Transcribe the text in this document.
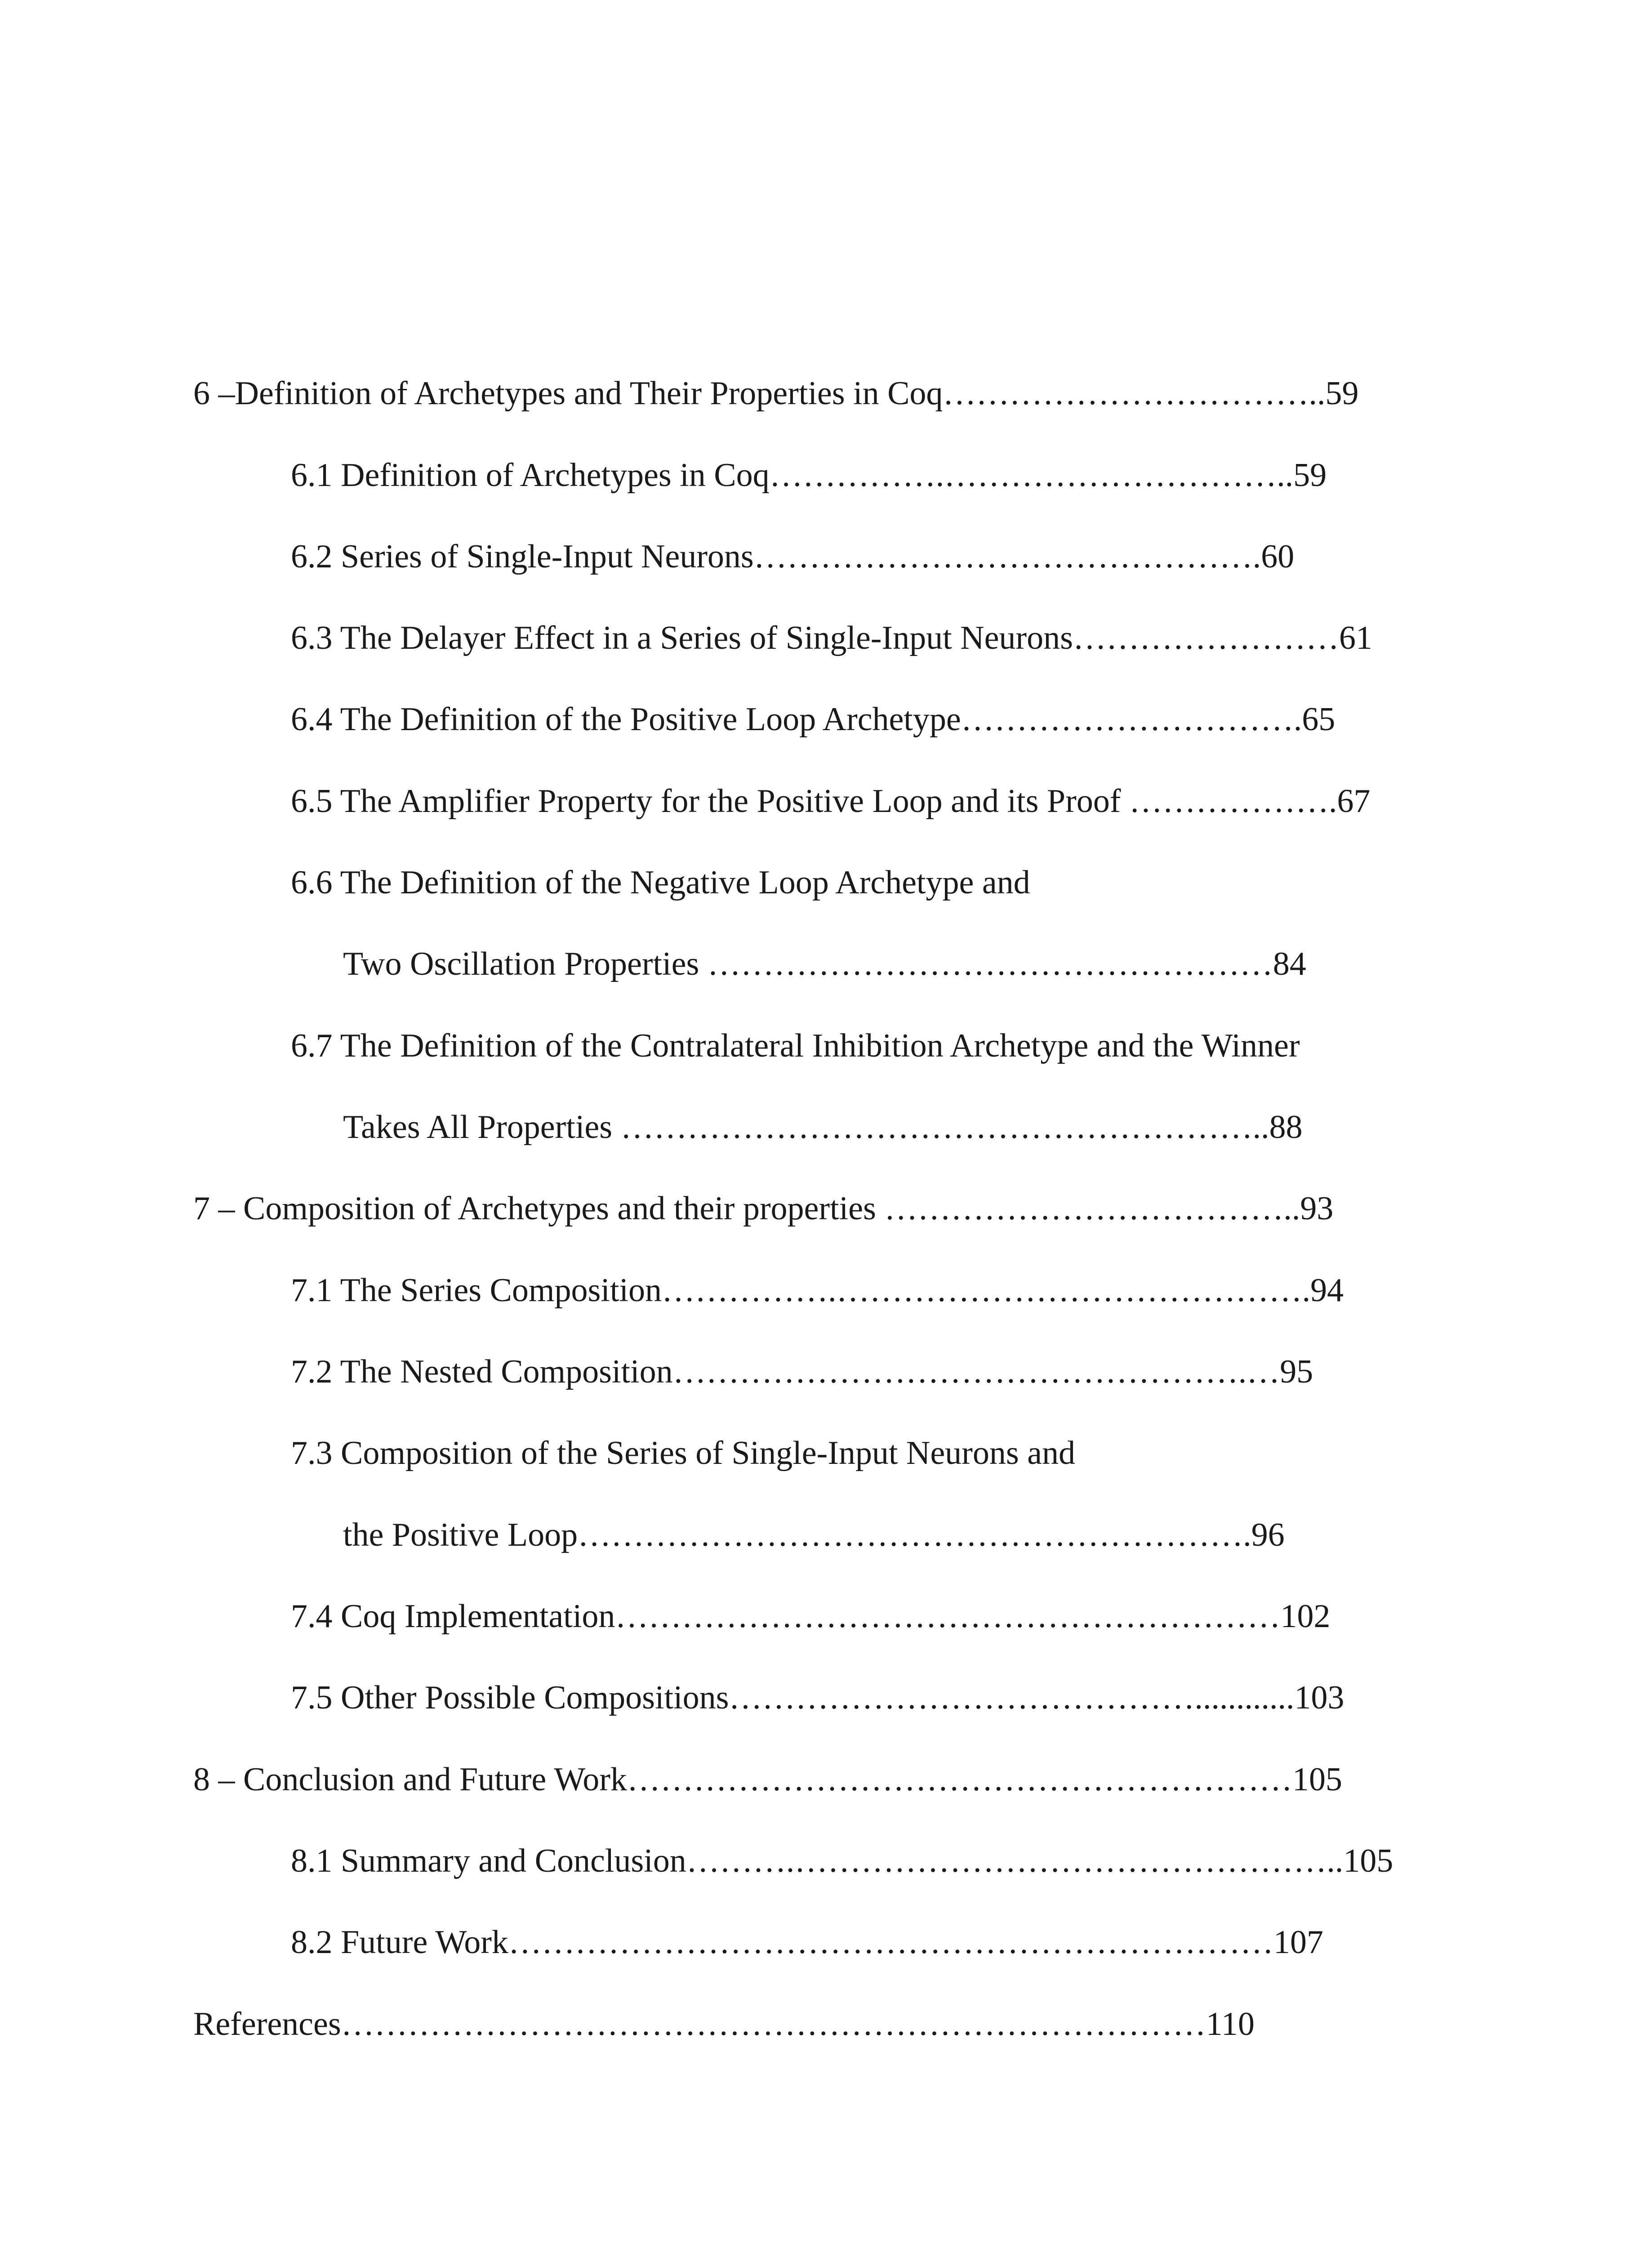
6 –Definition of Archetypes and Their Properties in Coq……………………………..59
6.1 Definition of Archetypes in Coq…………….…………………………..59
6.2 Series of Single-Input Neurons……………………………………….60
6.3 The Delayer Effect in a Series of Single-Input Neurons……………………61
6.4 The Definition of the Positive Loop Archetype………………………….65
6.5 The Amplifier Property for the Positive Loop and its Proof ……………….67
6.6 The Definition of the Negative Loop Archetype and
Two Oscillation Properties ……………………………………………84
6.7 The Definition of the Contralateral Inhibition Archetype and the Winner
Takes All Properties …………………………………………………..88
7 – Composition of Archetypes and their properties ………………………………..93
7.1 The Series Composition…………….…………………………………….94
7.2 The Nested Composition…………………………………………….…95
7.3 Composition of the Series of Single-Input Neurons and
the Positive Loop…………………………………………………….96
7.4 Coq Implementation……………………………………………………102
7.5 Other Possible Compositions……………………………………............103
8 – Conclusion and Future Work……………………………………………………105
8.1 Summary and Conclusion……….…………………………………………..105
8.2 Future Work……………………………………………………………107
References……………………………………………………………………110
